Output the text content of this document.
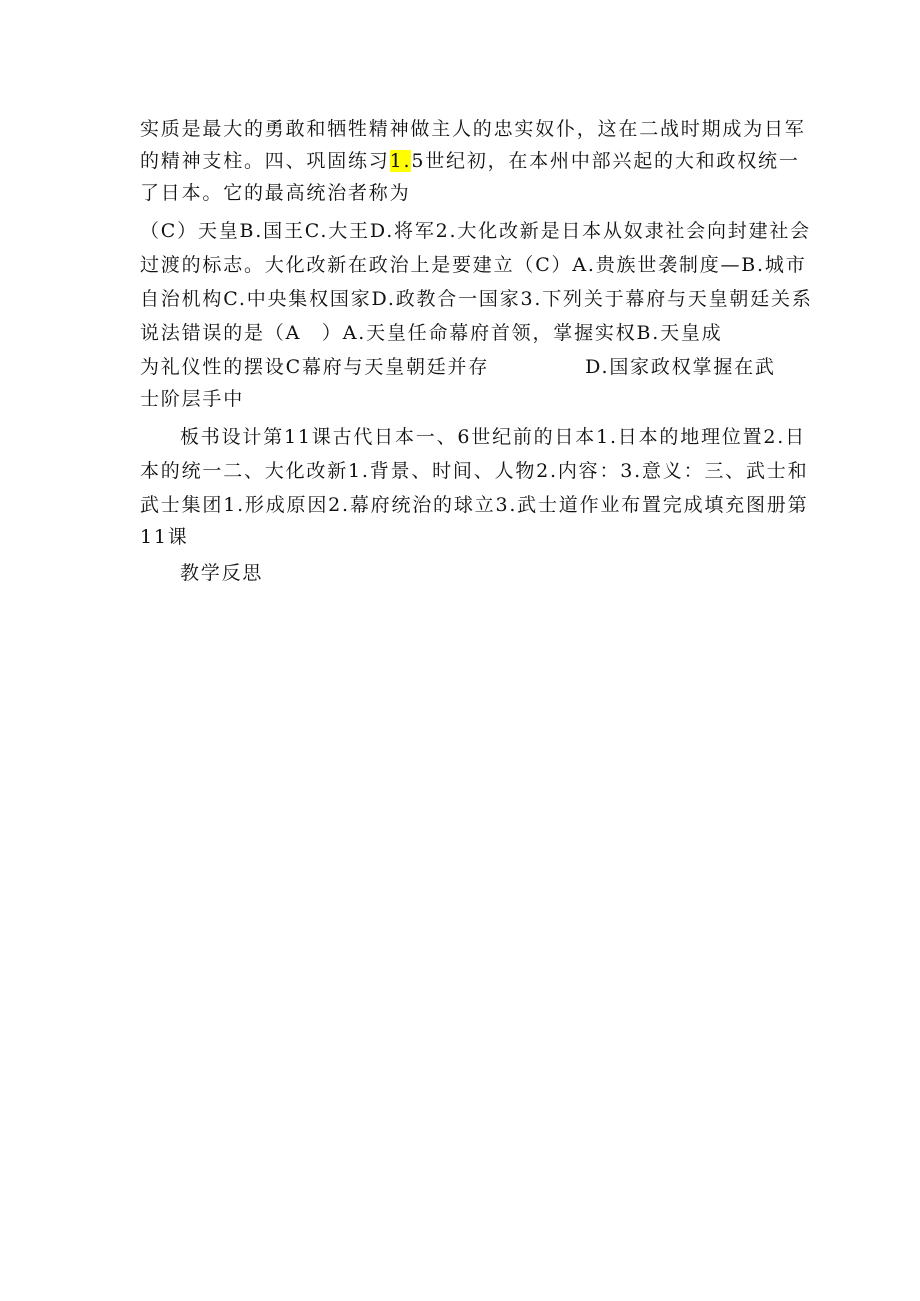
实质是最大的勇敢和牺牲精神做主人的忠实奴仆，这在二战时期成为日军
的精神支柱。四、巩固练习1.5世纪初，在本州中部兴起的大和政权统一
了日本。它的最高统治者称为
（C）天皇B.国王C.大王D.将军2.大化改新是日本从奴隶社会向封建社会
过渡的标志。大化改新在政治上是要建立（C）A.贵族世袭制度—B.城市
自治机构C.中央集权国家D.政教合一国家3.下列关于幕府与天皇朝廷关系
说法错误的是（A　）A.天皇任命幕府首领，掌握实权B.天皇成
为礼仪性的摆设C幕府与天皇朝廷并存	D.国家政权掌握在武
士阶层手中
板书设计第11课古代日本一、6世纪前的日本1.日本的地理位置2.日
本的统一二、大化改新1.背景、时间、人物2.内容：3.意义：三、武士和
武士集团1.形成原因2.幕府统治的球立3.武士道作业布置完成填充图册第
11课
教学反思
